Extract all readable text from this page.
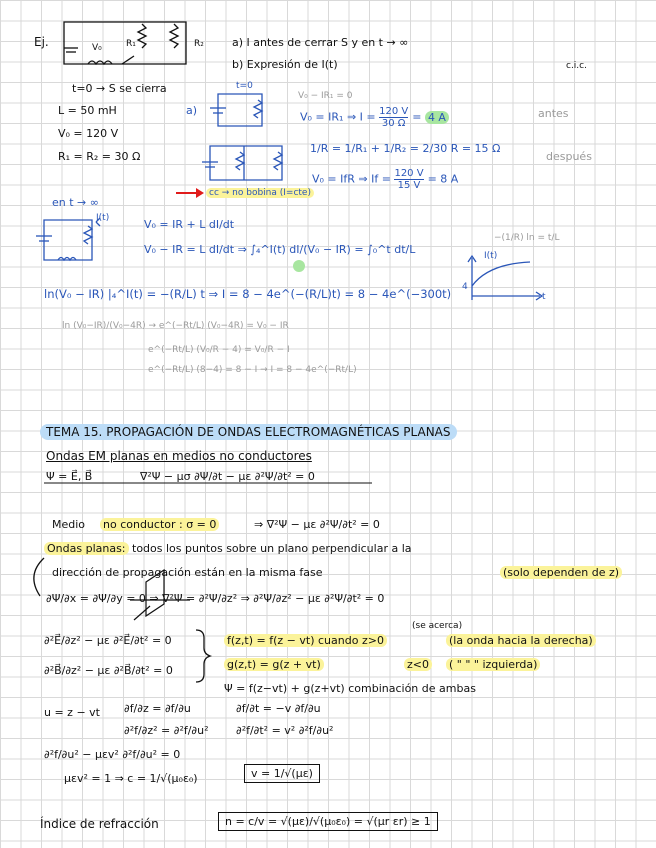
Ej.	V₀	R₁	R₂	a) I antes de cerrar S y en t → ∞
b) Expresión de I(t)	c.i.c.
t=0 → S se cierra
L = 50 mH
V₀ = 120 V
R₁ = R₂ = 30 Ω
t=0
a)
V₀ − IR₁ = 0
V₀ = IR₁ ⇒ $I = \frac{120 V}{30 \Omega} = 4$ A	antes
1/R = 1/R₁ + 1/R₂ = 2/30 R = 15 Ω
después
V₀ = IfR ⇒ $If = \frac{120 V}{15 V} = 8$ A
cc → no bobina (I=cte)
en t → ∞
I(t)	V₀ = IR + L dI/dt
V₀ − IR = L dI/dt ⇒ ∫₄^I(t) dI/(V₀ − IR) = ∫₀^t dt/L
−(1/R) ln = t/L
I(t)
4
t
ln(V₀ − IR) |₄^I(t) = −(R/L) t ⇒ I = 8 − 4e^(−(R/L)t) = 8 − 4e^(−300t)
ln (V₀−IR)/(V₀−4R) → e^(−Rt/L) (V₀−4R) = V₀ − IR
e^(−Rt/L) (V₀/R − 4) = V₀/R − I
e^(−Rt/L) (8−4) = 8 − I → I = 8 − 4e^(−Rt/L)
TEMA 15. PROPAGACIÓN DE ONDAS ELECTROMAGNÉTICAS PLANAS
Ondas EM planas en medios no conductores
Ψ = E⃗, B⃗	∇²Ψ − μσ ∂Ψ/∂t − με ∂²Ψ/∂t² = 0
Medio no conductor : σ = 0	⇒ ∇²Ψ − με ∂²Ψ/∂t² = 0
Ondas planas: todos los puntos sobre un plano perpendicular a la
dirección de propagación están en la misma fase	(solo dependen de z)
∂Ψ/∂x = ∂Ψ/∂y = 0 ⇒ ∇²Ψ = ∂²Ψ/∂z² ⇒ ∂²Ψ/∂z² − με ∂²Ψ/∂t² = 0
∂²E⃗/∂z² − με ∂²E⃗/∂t² = 0
∂²B⃗/∂z² − με ∂²B⃗/∂t² = 0
(se acerca)
f(z,t) = f(z − vt) cuando z>0	(la onda hacia la derecha)
g(z,t) = g(z + vt)	z<0 ( " " " izquierda)
Ψ = f(z−vt) + g(z+vt) combinación de ambas
u = z − vt ∂f/∂z = ∂f/∂u
∂²f/∂z² = ∂²f/∂u²
∂f/∂t = −v ∂f/∂u
∂²f/∂t² = v² ∂²f/∂u²
∂²f/∂u² − μεv² ∂²f/∂u² = 0
μεv² = 1 ⇒ c = 1/√(μ₀ε₀)	v = 1/√(με)
Índice de refracción	n = c/v = √(με)/√(μ₀ε₀) = √(μr εr) ≥ 1
